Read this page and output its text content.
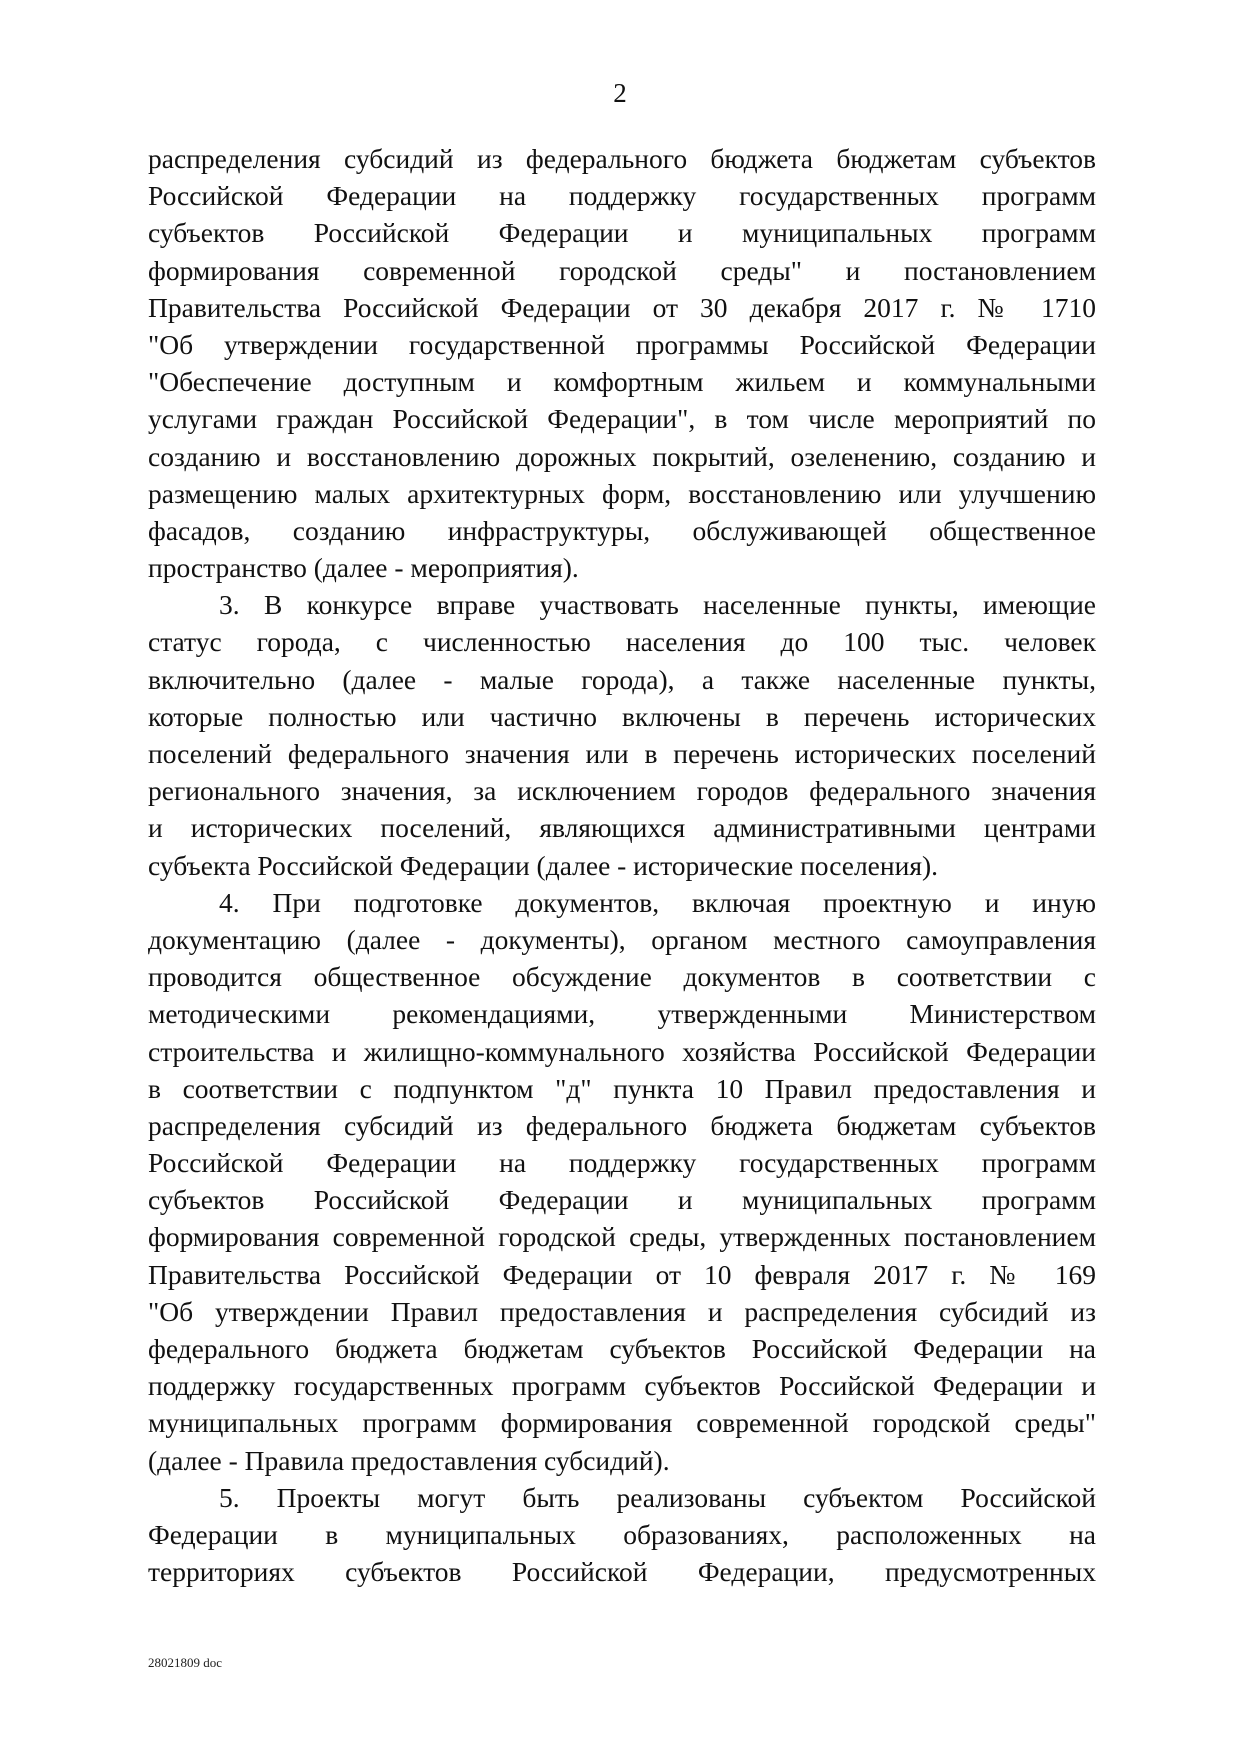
2
распределения субсидий из федерального бюджета бюджетам субъектов
Российской Федерации на поддержку государственных программ
субъектов Российской Федерации и муниципальных программ
формирования современной городской среды" и постановлением
Правительства Российской Федерации от 30 декабря 2017 г. № 1710
"Об утверждении государственной программы Российской Федерации
"Обеспечение доступным и комфортным жильем и коммунальными
услугами граждан Российской Федерации", в том числе мероприятий по
созданию и восстановлению дорожных покрытий, озеленению, созданию и
размещению малых архитектурных форм, восстановлению или улучшению
фасадов, созданию инфраструктуры, обслуживающей общественное
пространство (далее - мероприятия).
3. В конкурсе вправе участвовать населенные пункты, имеющие
статус города, с численностью населения до 100 тыс. человек
включительно (далее - малые города), а также населенные пункты,
которые полностью или частично включены в перечень исторических
поселений федерального значения или в перечень исторических поселений
регионального значения, за исключением городов федерального значения
и исторических поселений, являющихся административными центрами
субъекта Российской Федерации (далее - исторические поселения).
4. При подготовке документов, включая проектную и иную
документацию (далее - документы), органом местного самоуправления
проводится общественное обсуждение документов в соответствии с
методическими рекомендациями, утвержденными Министерством
строительства и жилищно-коммунального хозяйства Российской Федерации
в соответствии с подпунктом "д" пункта 10 Правил предоставления и
распределения субсидий из федерального бюджета бюджетам субъектов
Российской Федерации на поддержку государственных программ
субъектов Российской Федерации и муниципальных программ
формирования современной городской среды, утвержденных постановлением
Правительства Российской Федерации от 10 февраля 2017 г. № 169
"Об утверждении Правил предоставления и распределения субсидий из
федерального бюджета бюджетам субъектов Российской Федерации на
поддержку государственных программ субъектов Российской Федерации и
муниципальных программ формирования современной городской среды"
(далее - Правила предоставления субсидий).
5. Проекты могут быть реализованы субъектом Российской
Федерации в муниципальных образованиях, расположенных на
территориях субъектов Российской Федерации, предусмотренных
28021809 doc
